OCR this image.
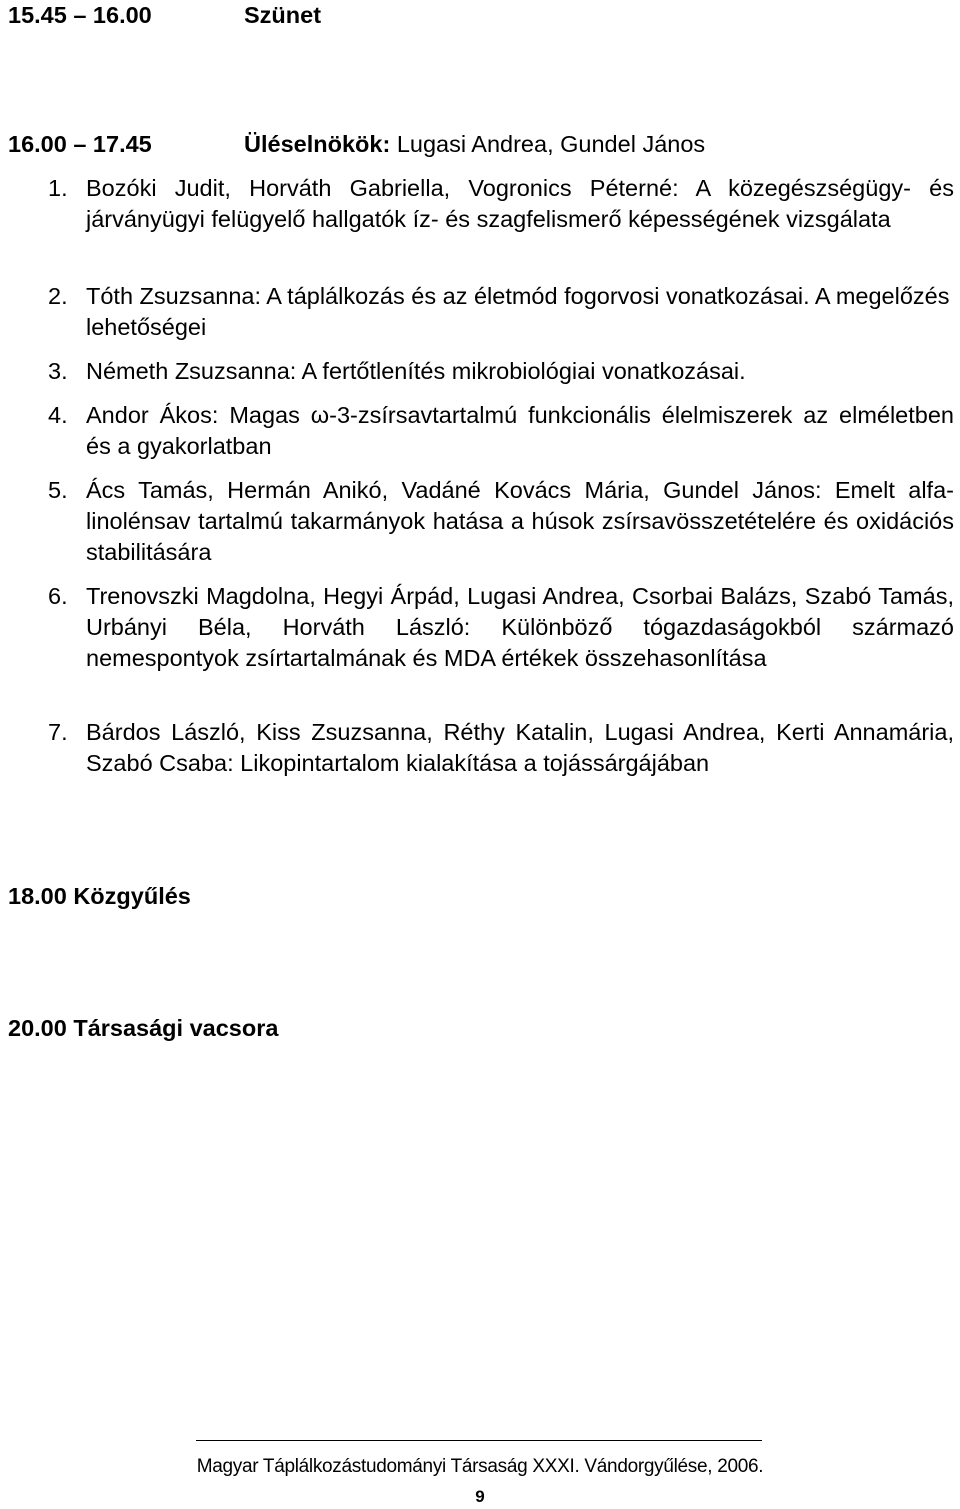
15.45 – 16.00	Szünet
16.00 – 17.45	Üléselnökök: Lugasi Andrea, Gundel János
1. Bozóki Judit, Horváth Gabriella, Vogronics Péterné: A közegészségügy- és járványügyi felügyelő hallgatók íz- és szagfelismerő képességének vizsgálata
2. Tóth Zsuzsanna: A táplálkozás és az életmód fogorvosi vonatkozásai. A megelőzés lehetőségei
3. Németh Zsuzsanna: A fertőtlenítés mikrobiológiai vonatkozásai.
4. Andor Ákos: Magas ω-3-zsírsavtartalmú funkcionális élelmiszerek az elméletben és a gyakorlatban
5. Ács Tamás, Hermán Anikó, Vadáné Kovács Mária, Gundel János: Emelt alfa-linolénsav tartalmú takarmányok hatása a húsok zsírsavösszetételére és oxidációs stabilitására
6. Trenovszki Magdolna, Hegyi Árpád, Lugasi Andrea, Csorbai Balázs, Szabó Tamás, Urbányi Béla, Horváth László: Különböző tógazdaságokból származó nemespontyok zsírtartalmának és MDA értékek összehasonlítása
7. Bárdos László, Kiss Zsuzsanna, Réthy Katalin, Lugasi Andrea, Kerti Annamária, Szabó Csaba: Likopintartalom kialakítása a tojássárgájában
18.00 Közgyűlés
20.00 Társasági vacsora
Magyar Táplálkozástudományi Társaság XXXI. Vándorgyűlése, 2006.
9
